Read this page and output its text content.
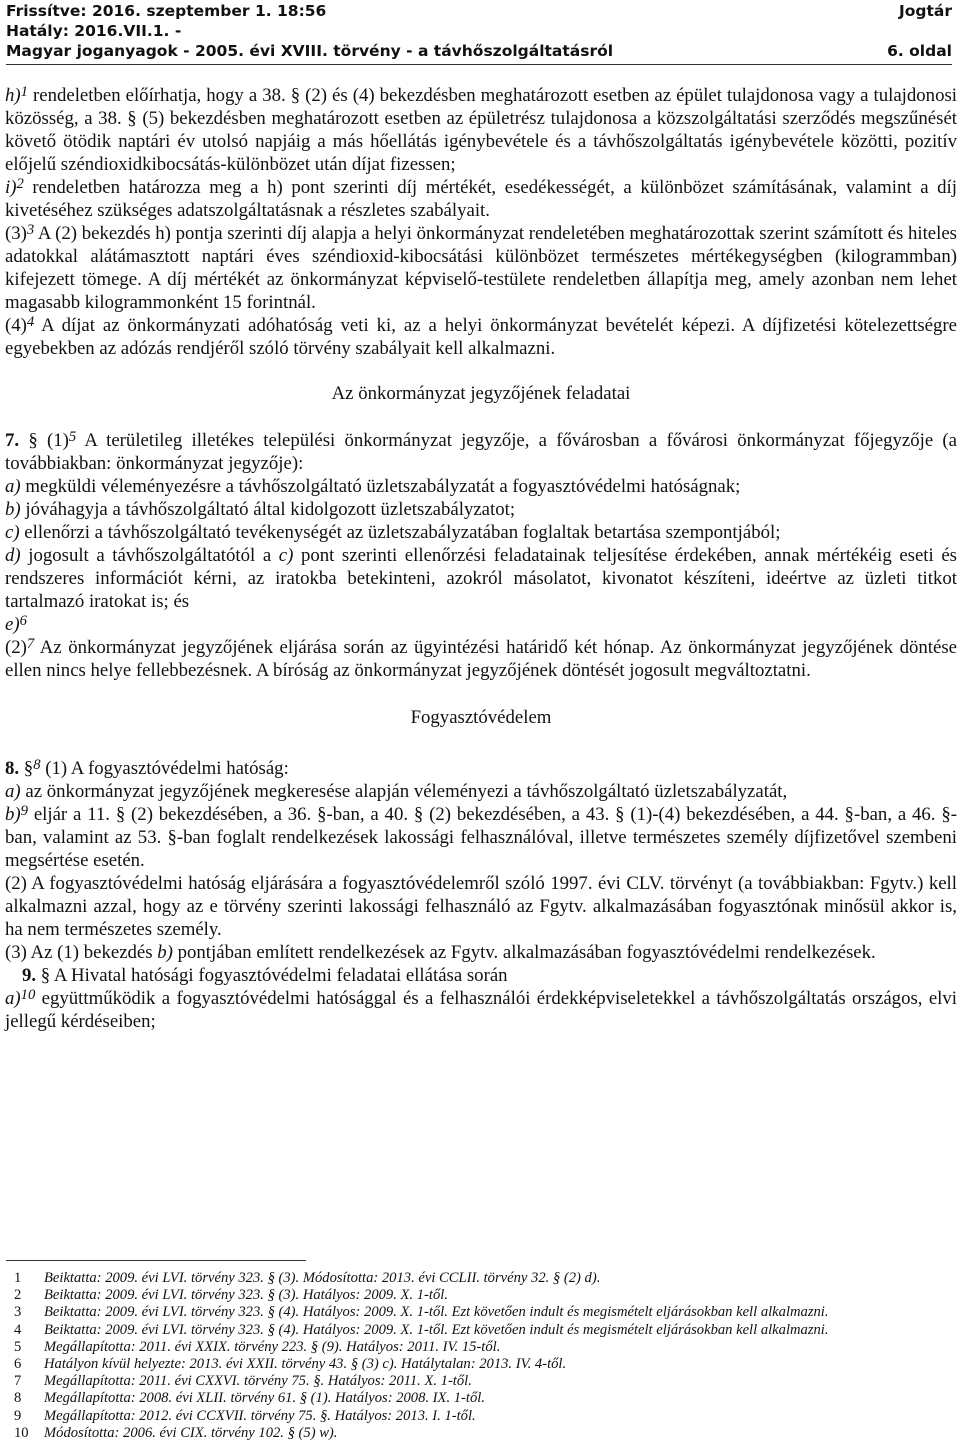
Frissítve: 2016. szeptember 1. 18:56
Hatály: 2016.VII.1. -
Magyar joganyagok - 2005. évi XVIII. törvény - a távhőszolgáltatásról
Jogtár
6. oldal

h)$^1$ rendeletben előírhatja, hogy a 38. § (2) és (4) bekezdésben meghatározott esetben az épület tulajdonosa vagy a tulajdonosi közösség, a 38. § (5) bekezdésben meghatározott esetben az épületrész tulajdonosa a közszolgáltatási szerződés megszűnését követő ötödik naptári év utolsó napjáig a más hőellátás igénybevétele és a távhőszolgáltatás igénybevétele közötti, pozitív előjelű széndioxidkibocsátás-különbözet után díjat fizessen;

i)$^2$ rendeletben határozza meg a h) pont szerinti díj mértékét, esedékességét, a különbözet számításának, valamint a díj kivetéséhez szükséges adatszolgáltatásnak a részletes szabályait.

(3)$^3$ A (2) bekezdés h) pontja szerinti díj alapja a helyi önkormányzat rendeletében meghatározottak szerint számított és hiteles adatokkal alátámasztott naptári éves széndioxid-kibocsátási különbözet természetes mértékegységben (kilogrammban) kifejezett tömege. A díj mértékét az önkormányzat képviselő-testülete rendeletben állapítja meg, amely azonban nem lehet magasabb kilogrammonként 15 forintnál.

(4)$^4$ A díjat az önkormányzati adóhatóság veti ki, az a helyi önkormányzat bevételét képezi. A díjfizetési kötelezettségre egyebekben az adózás rendjéről szóló törvény szabályait kell alkalmazni.

Az önkormányzat jegyzőjének feladatai

7. § (1)$^5$ A területileg illetékes települési önkormányzat jegyzője, a fővárosban a fővárosi önkormányzat főjegyzője (a továbbiakban: önkormányzat jegyzője):

a) megküldi véleményezésre a távhőszolgáltató üzletszabályzatát a fogyasztóvédelmi hatóságnak;

b) jóváhagyja a távhőszolgáltató által kidolgozott üzletszabályzatot;

c) ellenőrzi a távhőszolgáltató tevékenységét az üzletszabályzatában foglaltak betartása szempontjából;

d) jogosult a távhőszolgáltatótól a c) pont szerinti ellenőrzési feladatainak teljesítése érdekében, annak mértékéig eseti és rendszeres információt kérni, az iratokba betekinteni, azokról másolatot, kivonatot készíteni, ideértve az üzleti titkot tartalmazó iratokat is; és

e)$^6$

(2)$^7$ Az önkormányzat jegyzőjének eljárása során az ügyintézési határidő két hónap. Az önkormányzat jegyzőjének döntése ellen nincs helye fellebbezésnek. A bíróság az önkormányzat jegyzőjének döntését jogosult megváltoztatni.

Fogyasztóvédelem

8. §$^8$ (1) A fogyasztóvédelmi hatóság:

a) az önkormányzat jegyzőjének megkeresése alapján véleményezi a távhőszolgáltató üzletszabályzatát,

b)$^9$ eljár a 11. § (2) bekezdésében, a 36. §-ban, a 40. § (2) bekezdésében, a 43. § (1)-(4) bekezdésében, a 44. §-ban, a 46. §-ban, valamint az 53. §-ban foglalt rendelkezések lakossági felhasználóval, illetve természetes személy díjfizetővel szembeni megsértése esetén.

(2) A fogyasztóvédelmi hatóság eljárására a fogyasztóvédelemről szóló 1997. évi CLV. törvényt (a továbbiakban: Fgytv.) kell alkalmazni azzal, hogy az e törvény szerinti lakossági felhasználó az Fgytv. alkalmazásában fogyasztónak minősül akkor is, ha nem természetes személy.

(3) Az (1) bekezdés b) pontjában említett rendelkezések az Fgytv. alkalmazásában fogyasztóvédelmi rendelkezések.

9. § A Hivatal hatósági fogyasztóvédelmi feladatai ellátása során

a)$^{10}$ együttműködik a fogyasztóvédelmi hatósággal és a felhasználói érdekképviseletekkel a távhőszolgáltatás országos, elvi jellegű kérdéseiben;

1	Beiktatta: 2009. évi LVI. törvény 323. § (3). Módosította: 2013. évi CCLII. törvény 32. § (2) d).
2	Beiktatta: 2009. évi LVI. törvény 323. § (3). Hatályos: 2009. X. 1-től.
3	Beiktatta: 2009. évi LVI. törvény 323. § (4). Hatályos: 2009. X. 1-től. Ezt követően indult és megismételt eljárásokban kell alkalmazni.
4	Beiktatta: 2009. évi LVI. törvény 323. § (4). Hatályos: 2009. X. 1-től. Ezt követően indult és megismételt eljárásokban kell alkalmazni.
5	Megállapította: 2011. évi XXIX. törvény 223. § (9). Hatályos: 2011. IV. 15-től.
6	Hatályon kívül helyezte: 2013. évi XXII. törvény 43. § (3) c). Hatálytalan: 2013. IV. 4-től.
7	Megállapította: 2011. évi CXXVI. törvény 75. §. Hatályos: 2011. X. 1-től.
8	Megállapította: 2008. évi XLII. törvény 61. § (1). Hatályos: 2008. IX. 1-től.
9	Megállapította: 2012. évi CCXVII. törvény 75. §. Hatályos: 2013. I. 1-től.
10	Módosította: 2006. évi CIX. törvény 102. § (5) w).
